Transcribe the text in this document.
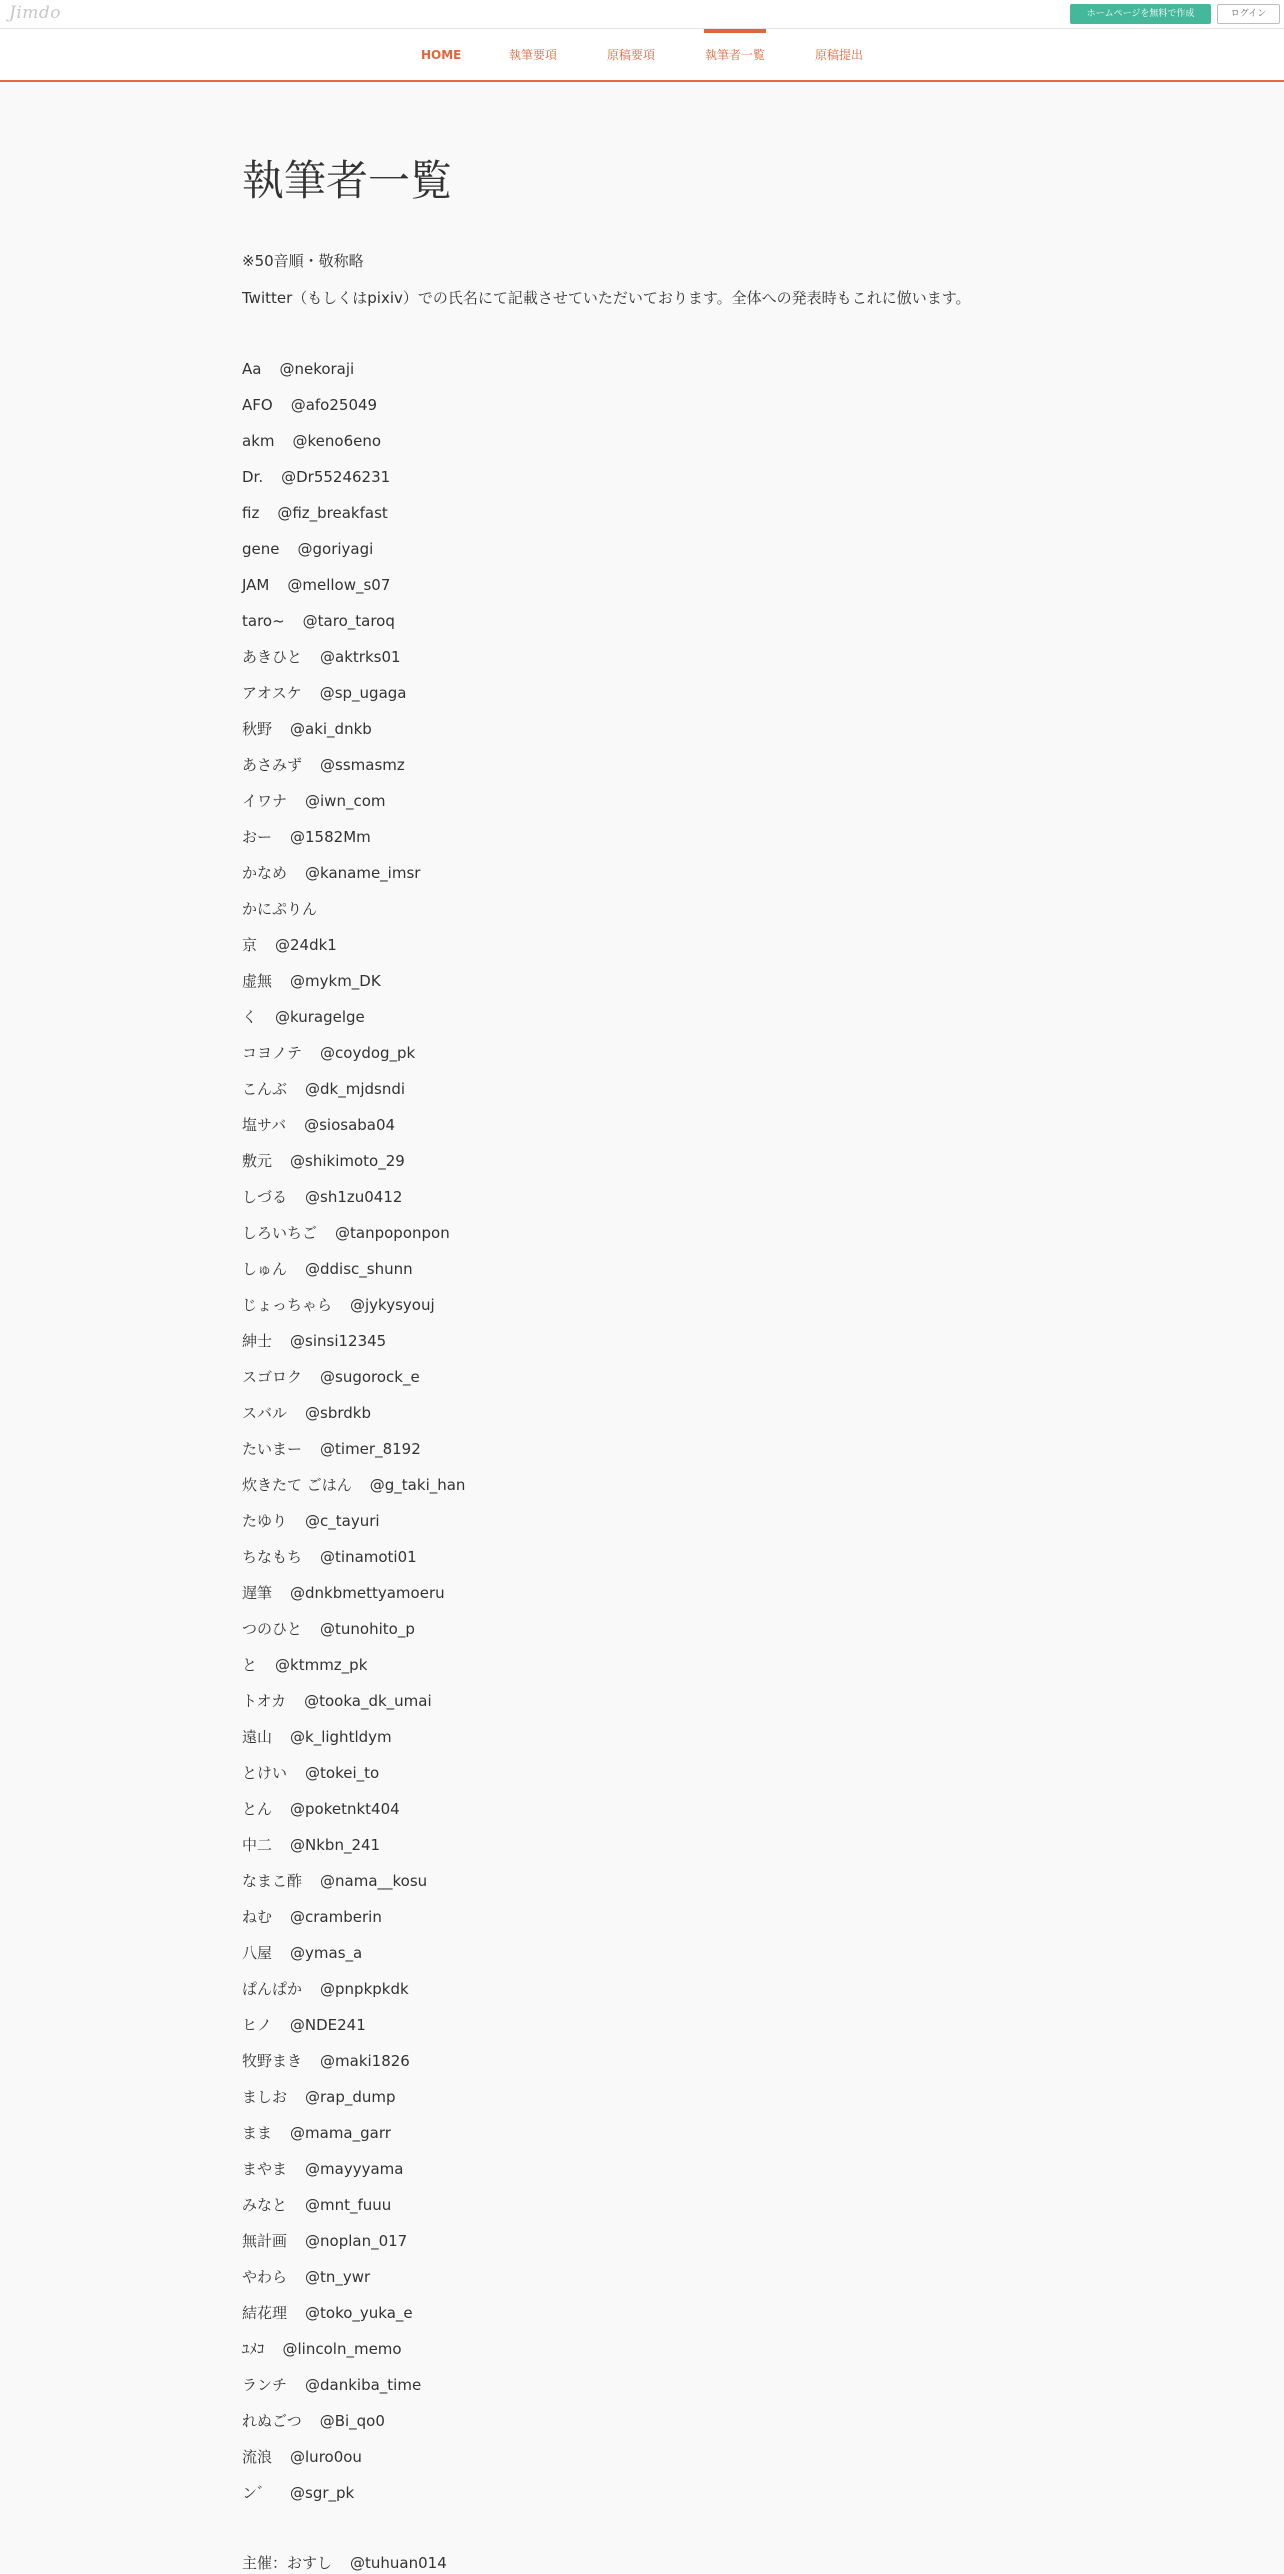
Jimdo	ホームページを無料で作成	ログイン
HOME	執筆要項	原稿要項	執筆者一覧	原稿提出
執筆者一覧
※50音順・敬称略
Twitter（もしくはpixiv）での氏名にて記載させていただいております。全体への発表時もこれに倣います。
Aa @nekoraji
AFO @afo25049
akm @keno6eno
Dr. @Dr55246231
fiz @fiz_breakfast
gene @goriyagi
JAM @mellow_s07
taro~ @taro_taroq
あきひと @aktrks01
アオスケ @sp_ugaga
秋野 @aki_dnkb
あさみず @ssmasmz
イワナ @iwn_com
おー @1582Mm
かなめ @kaname_imsr
かにぷりん
京 @24dk1
虚無 @mykm_DK
く @kuragelge
コヨノテ @coydog_pk
こんぶ @dk_mjdsndi
塩サバ @siosaba04
敷元 @shikimoto_29
しづる @sh1zu0412
しろいちご @tanpoponpon
しゅん @ddisc_shunn
じょっちゃら @jykysyouj
紳士 @sinsi12345
スゴロク @sugorock_e
スバル @sbrdkb
たいまー @timer_8192
炊きたて ごはん @g_taki_han
たゆり @c_tayuri
ちなもち @tinamoti01
遅筆 @dnkbmettyamoeru
つのひと @tunohito_p
と @ktmmz_pk
トオカ @tooka_dk_umai
遠山 @k_lightldym
とけい @tokei_to
とん @poketnkt404
中二 @Nkbn_241
なまこ酢 @nama__kosu
ねむ @cramberin
八屋 @ymas_a
ぱんぱか @pnpkpkdk
ヒノ @NDE241
牧野まき @maki1826
ましお @rap_dump
まま @mama_garr
まやま @mayyyama
みなと @mnt_fuuu
無計画 @noplan_017
やわら @tn_ywr
結花理 @toko_yuka_e
ﾕﾒｺ @lincoln_memo
ランチ @dankiba_time
れぬごつ @Bi_qo0
流浪 @luro0ou
ン゛ @sgr_pk
主催：おすし @tuhuan014
